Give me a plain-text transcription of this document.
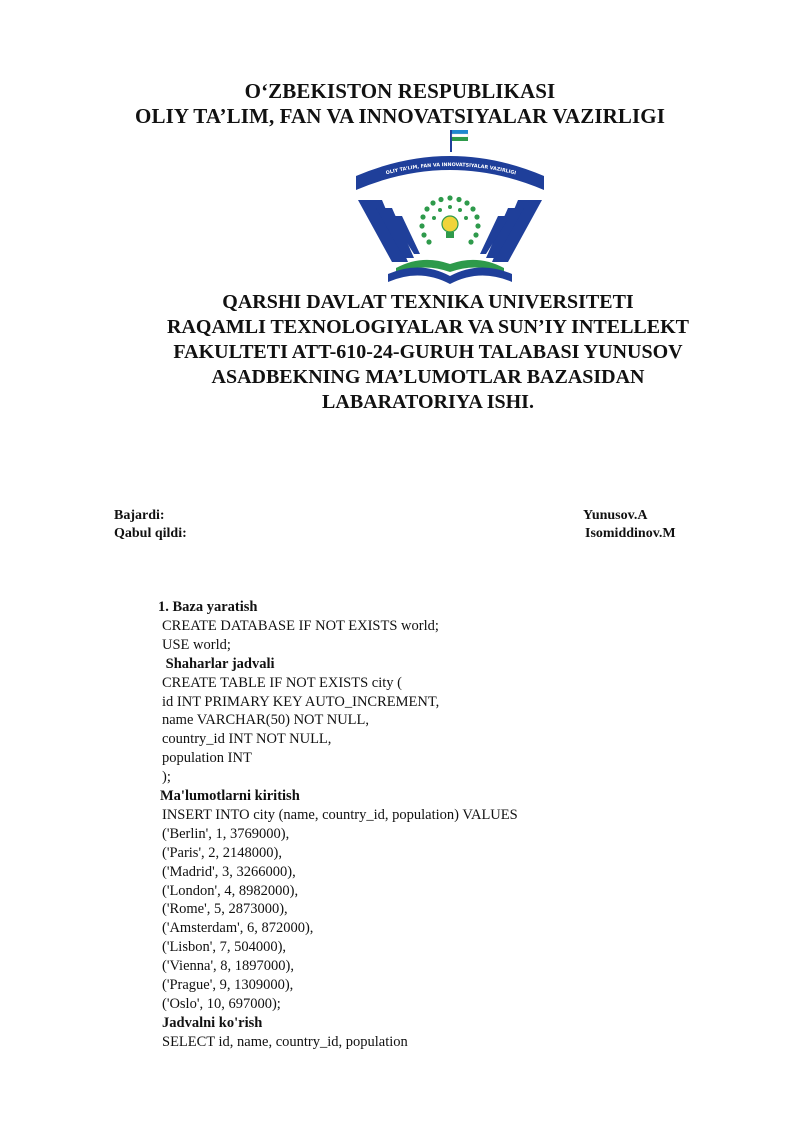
O‘ZBEKISTON RESPUBLIKASI
OLIY TA’LIM, FAN VA INNOVATSIYALAR VAZIRLIGI
O‘ZBEKISTON RESPUBLIKASI
OLIY TA’LIM, FAN VA INNOVATSIYALAR VAZIRLIGI
QARSHI DAVLAT TEXNIKA UNIVERSITETI
RAQAMLI TEXNOLOGIYALAR VA SUN’IY INTELLEKT
FAKULTETI ATT-610-24-GURUH TALABASI YUNUSOV
ASADBEKNING MA’LUMOTLAR BAZASIDAN
LABARATORIYA ISHI.
Bajardi:	Yunusov.A
Qabul qildi:	Isomiddinov.M
1. Baza yaratish
CREATE DATABASE IF NOT EXISTS world;
USE world;
Shaharlar jadvali
CREATE TABLE IF NOT EXISTS city (
id INT PRIMARY KEY AUTO_INCREMENT,
name VARCHAR(50) NOT NULL,
country_id INT NOT NULL,
population INT
);
Ma'lumotlarni kiritish
INSERT INTO city (name, country_id, population) VALUES
('Berlin', 1, 3769000),
('Paris', 2, 2148000),
('Madrid', 3, 3266000),
('London', 4, 8982000),
('Rome', 5, 2873000),
('Amsterdam', 6, 872000),
('Lisbon', 7, 504000),
('Vienna', 8, 1897000),
('Prague', 9, 1309000),
('Oslo', 10, 697000);
Jadvalni ko'rish
SELECT id, name, country_id, population
